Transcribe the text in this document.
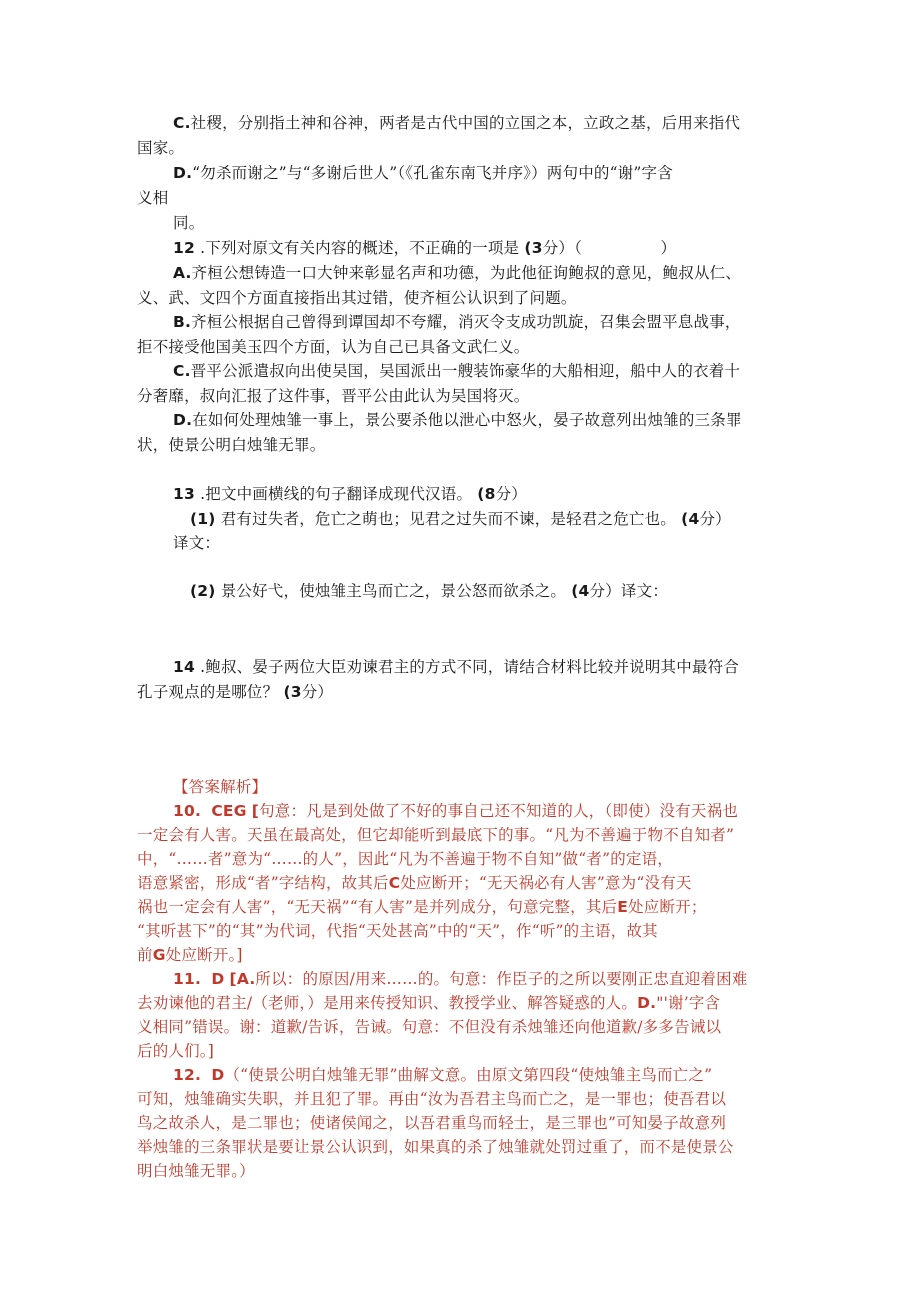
C.社稷，分别指土神和谷神，两者是古代中国的立国之本，立政之基，后用来指代
国家。
D.“勿杀而谢之”与“多谢后世人”（《孔雀东南飞并序》）两句中的“谢”字含
义相
同。
12 .下列对原文有关内容的概述，不正确的一项是 (3分）（　　　　　）
A.齐桓公想铸造一口大钟来彰显名声和功德，为此他征询鲍叔的意见，鲍叔从仁、
义、武、文四个方面直接指出其过错，使齐桓公认识到了问题。
B.齐桓公根据自己曾得到谭国却不夸耀，消灭令支成功凯旋，召集会盟平息战事，
拒不接受他国美玉四个方面，认为自己已具备文武仁义。
C.晋平公派遣叔向出使吴国，吴国派出一艘装饰豪华的大船相迎，船中人的衣着十
分奢靡，叔向汇报了这件事，晋平公由此认为吴国将灭。
D.在如何处理烛雏一事上，景公要杀他以泄心中怒火，晏子故意列出烛雏的三条罪
状，使景公明白烛雏无罪。
13 .把文中画横线的句子翻译成现代汉语。 (8分）
(1) 君有过失者，危亡之萌也；见君之过失而不谏，是轻君之危亡也。 (4分）
译文：
(2) 景公好弋，使烛雏主鸟而亡之，景公怒而欲杀之。 (4分）译文：
14 .鲍叔、晏子两位大臣劝谏君主的方式不同，请结合材料比较并说明其中最符合
孔子观点的是哪位？ (3分）
【答案解析】
10. CEG [句意：凡是到处做了不好的事自己还不知道的人，（即使）没有天祸也
一定会有人害。天虽在最高处，但它却能听到最底下的事。“凡为不善遍于物不自知者”
中，“……者”意为“……的人”，因此“凡为不善遍于物不自知”做“者”的定语，
语意紧密，形成“者”字结构，故其后C处应断开；“无天祸必有人害”意为“没有天
祸也一定会有人害”，“无天祸”“有人害”是并列成分，句意完整，其后E处应断开；
“其听甚下”的“其”为代词，代指“天处甚高”中的“天”，作“听”的主语，故其
前G处应断开。]
11. D [A.所以：的原因/用来……的。句意：作臣子的之所以要刚正忠直迎着困难
去劝谏他的君主/（老师，）是用来传授知识、教授学业、解答疑惑的人。D."'谢’字含
义相同”错误。谢：道歉/告诉，告诫。句意：不但没有杀烛雏还向他道歉/多多告诫以
后的人们。]
12. D（“使景公明白烛雏无罪”曲解文意。由原文第四段“使烛雏主鸟而亡之”
可知，烛雏确实失职，并且犯了罪。再由“汝为吾君主鸟而亡之，是一罪也；使吾君以
鸟之故杀人，是二罪也；使诸侯闻之，以吾君重鸟而轻士，是三罪也”可知晏子故意列
举烛雏的三条罪状是要让景公认识到，如果真的杀了烛雏就处罚过重了，而不是使景公
明白烛雏无罪。）
